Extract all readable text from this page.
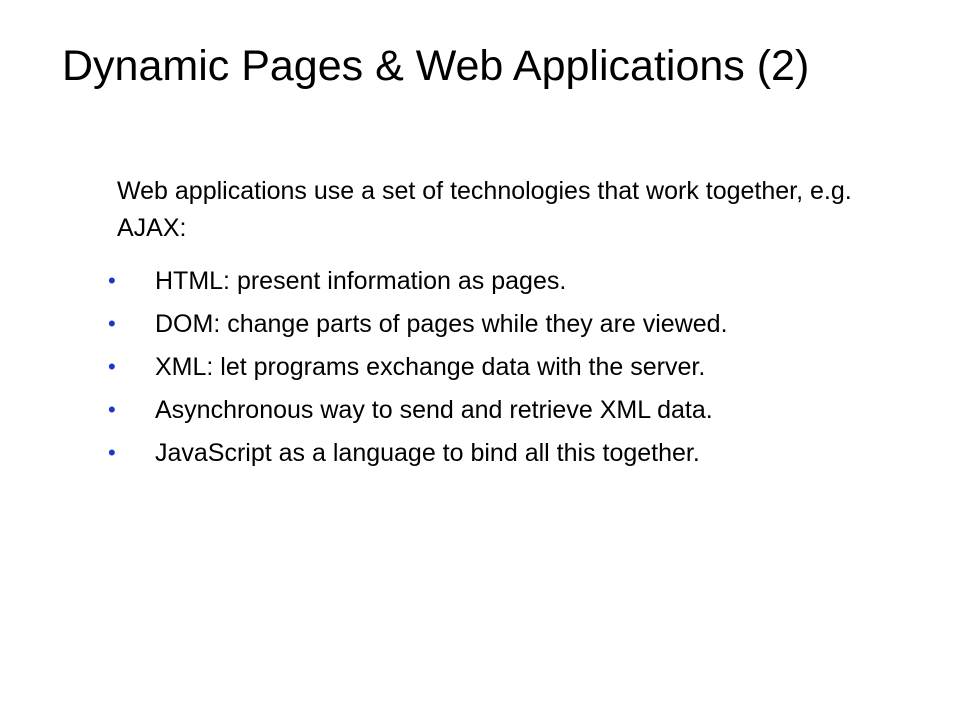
Dynamic Pages & Web Applications (2)

Web applications use a set of technologies that work together, e.g. AJAX:

•	HTML: present information as pages.
•	DOM: change parts of pages while they are viewed.
•	XML: let programs exchange data with the server.
•	Asynchronous way to send and retrieve XML data.
•	JavaScript as a language to bind all this together.
